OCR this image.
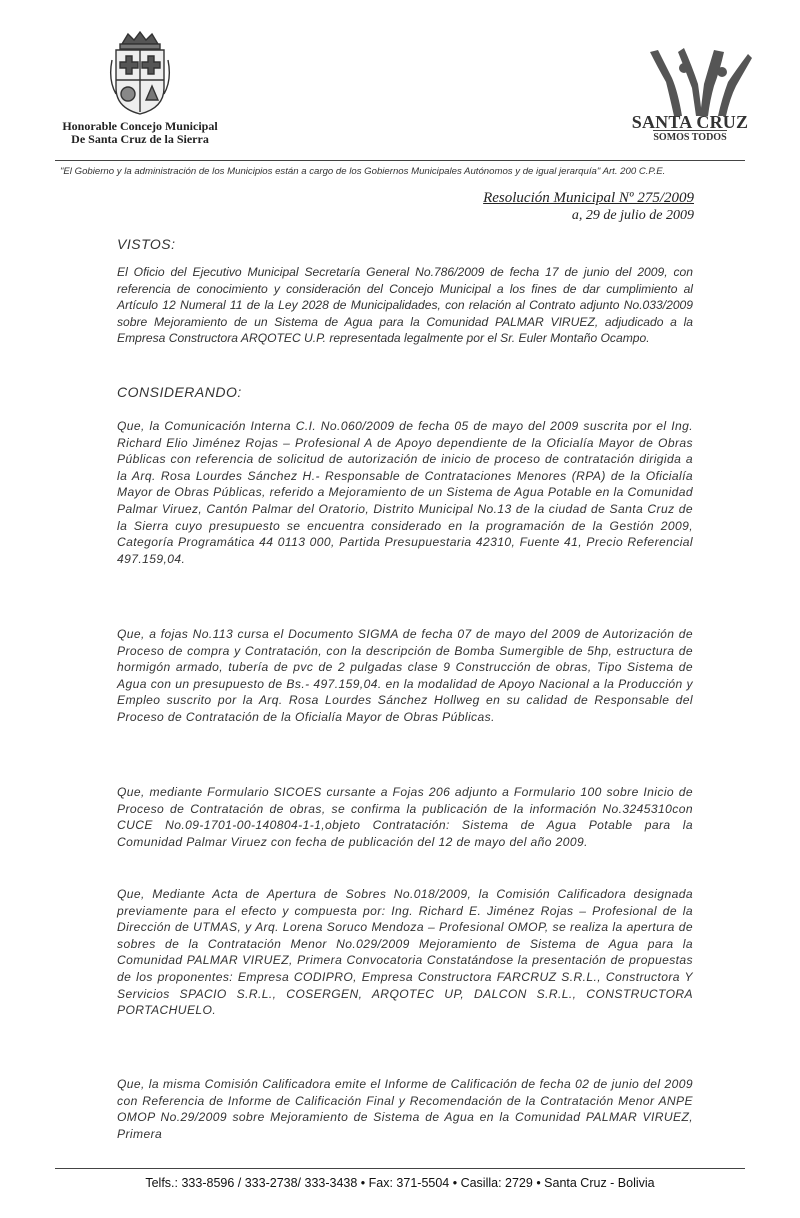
Honorable Concejo Municipal
De Santa Cruz de la Sierra
SANTA CRUZ
SOMOS TODOS
"El Gobierno y la administración de los Municipios están a cargo de los Gobiernos Municipales Autónomos y de igual jerarquía" Art. 200 C.P.E.
Resolución Municipal Nº 275/2009
a, 29 de julio de 2009
VISTOS:
El Oficio del Ejecutivo Municipal Secretaría General No.786/2009 de fecha 17 de junio del 2009, con referencia de conocimiento y consideración del Concejo Municipal a los fines de dar cumplimiento al Artículo 12 Numeral 11 de la Ley 2028 de Municipalidades, con relación al Contrato adjunto No.033/2009 sobre Mejoramiento de un Sistema de Agua para la Comunidad PALMAR VIRUEZ, adjudicado a la Empresa Constructora ARQOTEC U.P. representada legalmente por el Sr. Euler Montaño Ocampo.
CONSIDERANDO:
Que, la Comunicación Interna C.I. No.060/2009 de fecha 05 de mayo del 2009 suscrita por el Ing. Richard Elio Jiménez Rojas – Profesional A de Apoyo dependiente de la Oficialía Mayor de Obras Públicas con referencia de solicitud de autorización de inicio de proceso de contratación dirigida a la Arq. Rosa Lourdes Sánchez H.- Responsable de Contrataciones Menores (RPA) de la Oficialía Mayor de Obras Públicas, referido a Mejoramiento de un Sistema de Agua Potable en la Comunidad Palmar Viruez, Cantón Palmar del Oratorio, Distrito Municipal No.13 de la ciudad de Santa Cruz de la Sierra cuyo presupuesto se encuentra considerado en la programación de la Gestión 2009, Categoría Programática 44 0113 000, Partida Presupuestaria 42310, Fuente 41, Precio Referencial 497.159,04.
Que, a fojas No.113 cursa el Documento SIGMA de fecha 07 de mayo del 2009 de Autorización de Proceso de compra y Contratación, con la descripción de Bomba Sumergible de 5hp, estructura de hormigón armado, tubería de pvc de 2 pulgadas clase 9 Construcción de obras, Tipo Sistema de Agua con un presupuesto de Bs.- 497.159,04. en la modalidad de Apoyo Nacional a la Producción y Empleo suscrito por la Arq. Rosa Lourdes Sánchez Hollweg en su calidad de Responsable del Proceso de Contratación de la Oficialía Mayor de Obras Públicas.
Que, mediante Formulario SICOES cursante a Fojas 206 adjunto a Formulario 100 sobre Inicio de Proceso de Contratación de obras, se confirma la publicación de la información No.3245310con CUCE No.09-1701-00-140804-1-1,objeto Contratación: Sistema de Agua Potable para la Comunidad Palmar Viruez con fecha de publicación del 12 de mayo del año 2009.
Que, Mediante Acta de Apertura de Sobres No.018/2009, la Comisión Calificadora designada previamente para el efecto y compuesta por: Ing. Richard E. Jiménez Rojas – Profesional de la Dirección de UTMAS, y Arq. Lorena Soruco Mendoza – Profesional OMOP, se realiza la apertura de sobres de la Contratación Menor No.029/2009 Mejoramiento de Sistema de Agua para la Comunidad PALMAR VIRUEZ, Primera Convocatoria Constatándose la presentación de propuestas de los proponentes: Empresa CODIPRO, Empresa Constructora FARCRUZ S.R.L., Constructora Y Servicios SPACIO S.R.L., COSERGEN, ARQOTEC UP, DALCON S.R.L., CONSTRUCTORA PORTACHUELO.
Que, la misma Comisión Calificadora emite el Informe de Calificación de fecha 02 de junio del 2009 con Referencia de Informe de Calificación Final y Recomendación de la Contratación Menor ANPE OMOP No.29/2009 sobre Mejoramiento de Sistema de Agua en la Comunidad PALMAR VIRUEZ, Primera
Telfs.: 333-8596 / 333-2738/ 333-3438 • Fax: 371-5504 • Casilla: 2729 • Santa Cruz - Bolivia
